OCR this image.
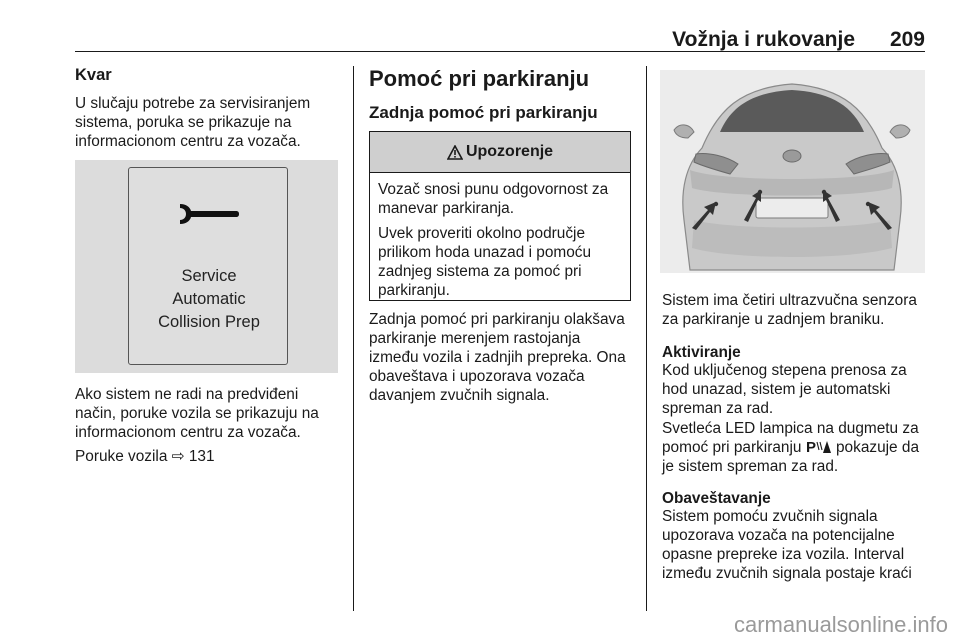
Vožnja i rukovanje 209
Kvar
U slučaju potrebe za servisiranjem
sistema, poruka se prikazuje na
informacionom centru za vozača.
Service
Automatic
Collision Prep
Ako sistem ne radi na predviđeni
način, poruke vozila se prikazuju na
informacionom centru za vozača.
Poruke vozila ⇨ 131
Pomoć pri parkiranju
Zadnja pomoć pri parkiranju
Upozorenje
Vozač snosi punu odgovornost za
manevar parkiranja.
Uvek proveriti okolno područje
prilikom hoda unazad i pomoću
zadnjeg sistema za pomoć pri
parkiranju.
Zadnja pomoć pri parkiranju olakšava
parkiranje merenjem rastojanja
između vozila i zadnjih prepreka. Ona
obaveštava i upozorava vozača
davanjem zvučnih signala.
Sistem ima četiri ultrazvučna senzora
za parkiranje u zadnjem braniku.
Aktiviranje
Kod uključenog stepena prenosa za
hod unazad, sistem je automatski
spreman za rad.
Svetleća LED lampica na dugmetu za
pomoć pri parkiranju P pokazuje da
je sistem spreman za rad.
Obaveštavanje
Sistem pomoću zvučnih signala
upozorava vozača na potencijalne
opasne prepreke iza vozila. Interval
između zvučnih signala postaje kraći
carmanualsonline.info
